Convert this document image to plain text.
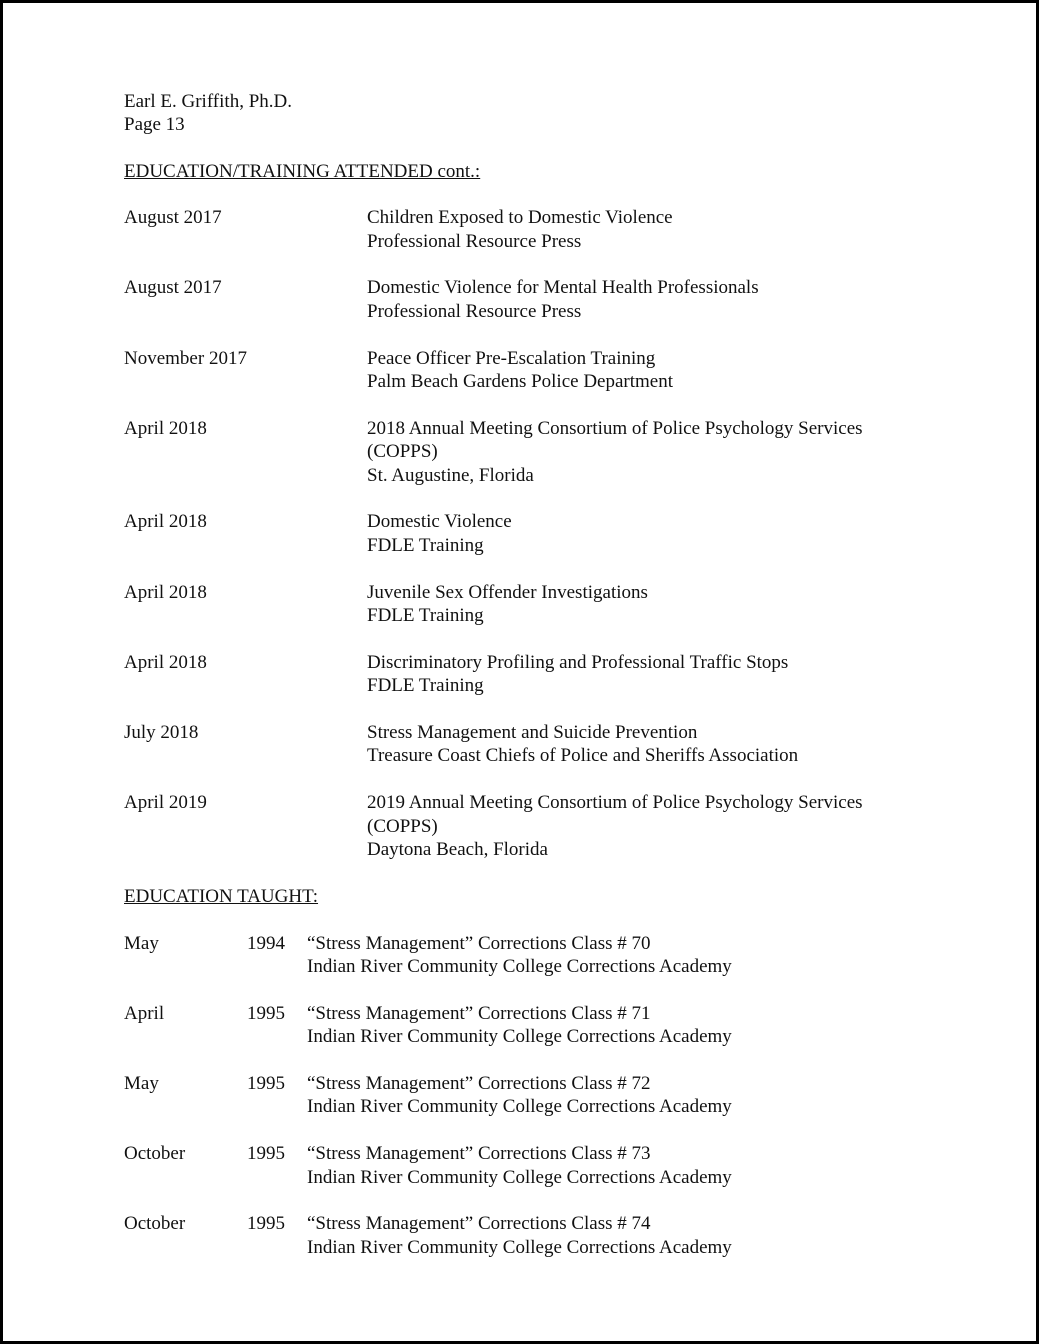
Earl E. Griffith, Ph.D.
Page 13
EDUCATION/TRAINING ATTENDED cont.:
August 2017	Children Exposed to Domestic Violence
Professional Resource Press
August 2017	Domestic Violence for Mental Health Professionals
Professional Resource Press
November 2017	Peace Officer Pre-Escalation Training
Palm Beach Gardens Police Department
April 2018	2018 Annual Meeting Consortium of Police Psychology Services
(COPPS)
St. Augustine, Florida
April 2018	Domestic Violence
FDLE Training
April 2018	Juvenile Sex Offender Investigations
FDLE Training
April 2018	Discriminatory Profiling and Professional Traffic Stops
FDLE Training
July 2018	Stress Management and Suicide Prevention
Treasure Coast Chiefs of Police and Sheriffs Association
April 2019	2019 Annual Meeting Consortium of Police Psychology Services
(COPPS)
Daytona Beach, Florida
EDUCATION TAUGHT:
May	1994	“Stress Management” Corrections Class # 70
Indian River Community College Corrections Academy
April	1995	“Stress Management” Corrections Class # 71
Indian River Community College Corrections Academy
May	1995	“Stress Management” Corrections Class # 72
Indian River Community College Corrections Academy
October	1995	“Stress Management” Corrections Class # 73
Indian River Community College Corrections Academy
October	1995	“Stress Management” Corrections Class # 74
Indian River Community College Corrections Academy
